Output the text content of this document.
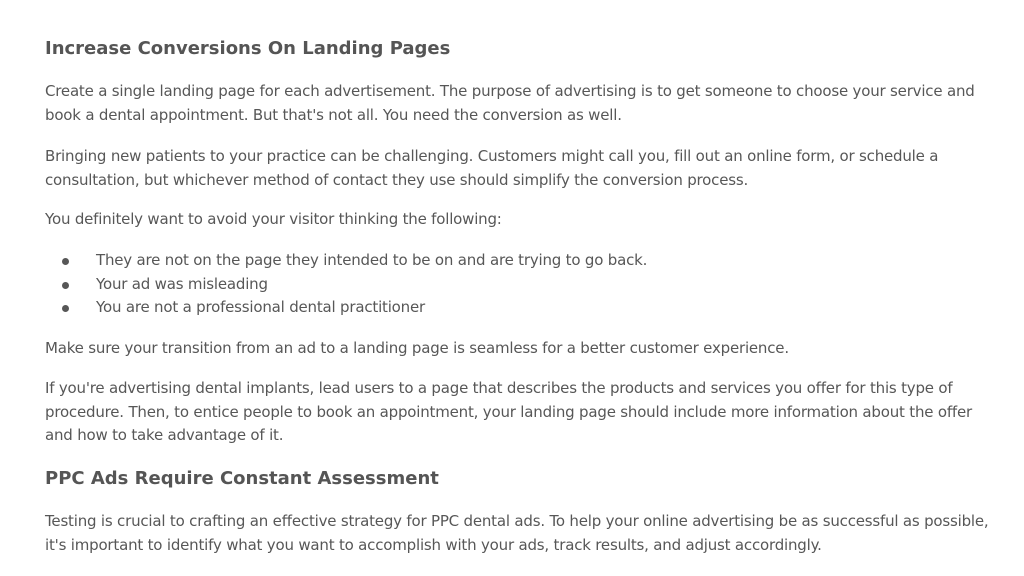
Increase Conversions On Landing Pages

Create a single landing page for each advertisement. The purpose of advertising is to get someone to choose your service and book a dental appointment. But that's not all. You need the conversion as well.

Bringing new patients to your practice can be challenging. Customers might call you, fill out an online form, or schedule a consultation, but whichever method of contact they use should simplify the conversion process.

You definitely want to avoid your visitor thinking the following:

They are not on the page they intended to be on and are trying to go back.
Your ad was misleading
You are not a professional dental practitioner

Make sure your transition from an ad to a landing page is seamless for a better customer experience.

If you're advertising dental implants, lead users to a page that describes the products and services you offer for this type of procedure. Then, to entice people to book an appointment, your landing page should include more information about the offer and how to take advantage of it.

PPC Ads Require Constant Assessment

Testing is crucial to crafting an effective strategy for PPC dental ads. To help your online advertising be as successful as possible, it's important to identify what you want to accomplish with your ads, track results, and adjust accordingly.
